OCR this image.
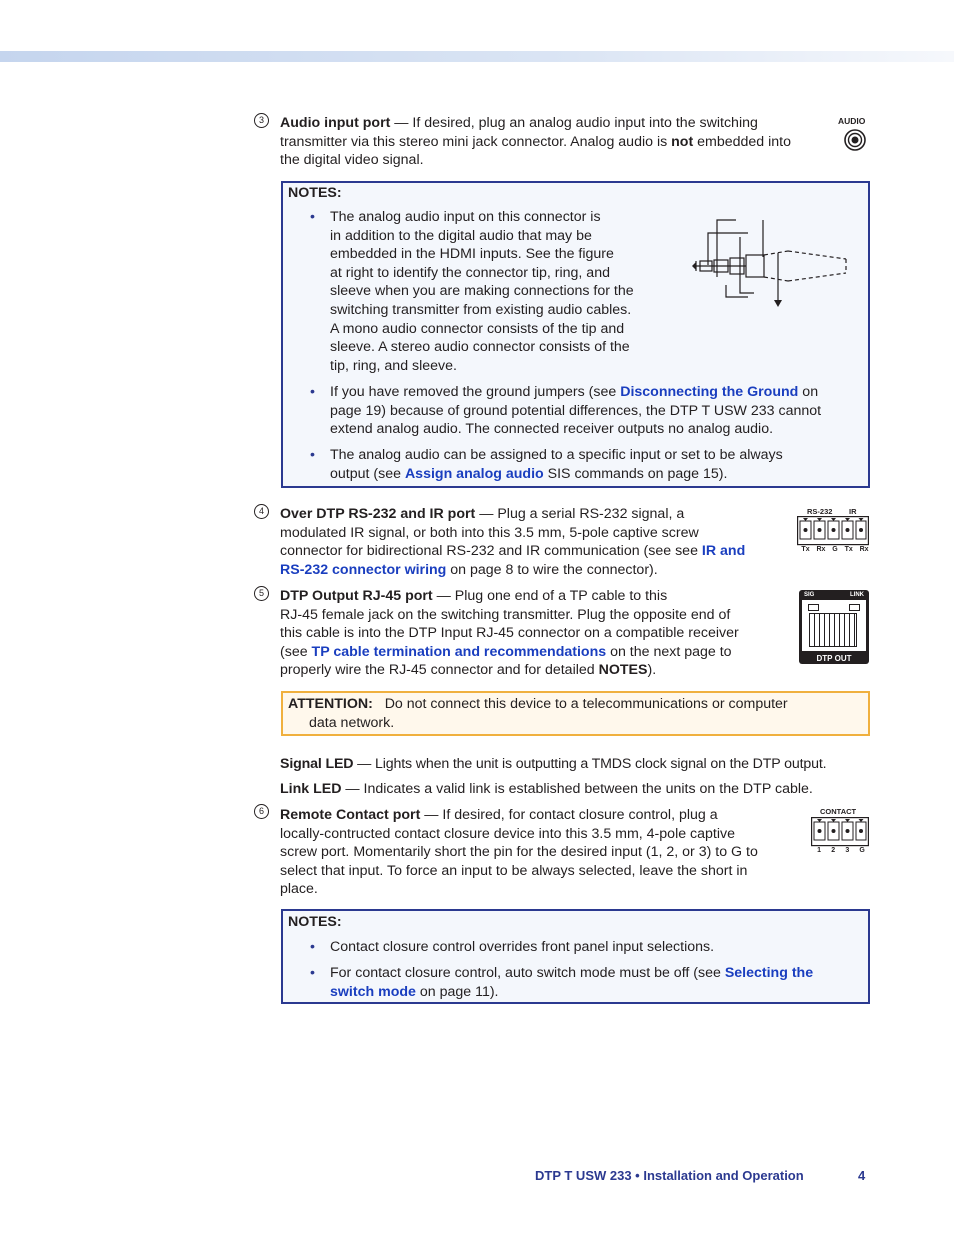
3	Audio input port — If desired, plug an analog audio input into the switching
transmitter via this stereo mini jack connector. Analog audio is not embedded into
the digital video signal.
AUDIO
NOTES:
• The analog audio input on this connector is
in addition to the digital audio that may be
embedded in the HDMI inputs. See the figure
at right to identify the connector tip, ring, and
sleeve when you are making connections for the
switching transmitter from existing audio cables.
A mono audio connector consists of the tip and
sleeve. A stereo audio connector consists of the
tip, ring, and sleeve.
• If you have removed the ground jumpers (see Disconnecting the Ground on
page 19) because of ground potential differences, the DTP T USW 233 cannot
extend analog audio. The connected receiver outputs no analog audio.
• The analog audio can be assigned to a specific input or set to be always
output (see Assign analog audio SIS commands on page 15).
4	Over DTP RS-232 and IR port — Plug a serial RS-232 signal, a
modulated IR signal, or both into this 3.5 mm, 5-pole captive screw
connector for bidirectional RS-232 and IR communication (see see IR and
RS-232 connector wiring on page 8 to wire the connector).
RS-232 IR
Tx Rx G Tx Rx
5	DTP Output RJ-45 port — Plug one end of a TP cable to this
RJ-45 female jack on the switching transmitter. Plug the opposite end of
this cable is into the DTP Input RJ-45 connector on a compatible receiver
(see TP cable termination and recommendations on the next page to
properly wire the RJ-45 connector and for detailed NOTES).
SIG	LINK
DTP OUT
ATTENTION: Do not connect this device to a telecommunications or computer
data network.
Signal LED — Lights when the unit is outputting a TMDS clock signal on the DTP output.
Link LED — Indicates a valid link is established between the units on the DTP cable.
6	Remote Contact port — If desired, for contact closure control, plug a
locally-contructed contact closure device into this 3.5 mm, 4-pole captive
screw port. Momentarily short the pin for the desired input (1, 2, or 3) to G to
select that input. To force an input to be always selected, leave the short in
place.
CONTACT
1 2 3 G
NOTES:
• Contact closure control overrides front panel input selections.
• For contact closure control, auto switch mode must be off (see Selecting the
switch mode on page 11).
DTP T USW 233 • Installation and Operation	4
